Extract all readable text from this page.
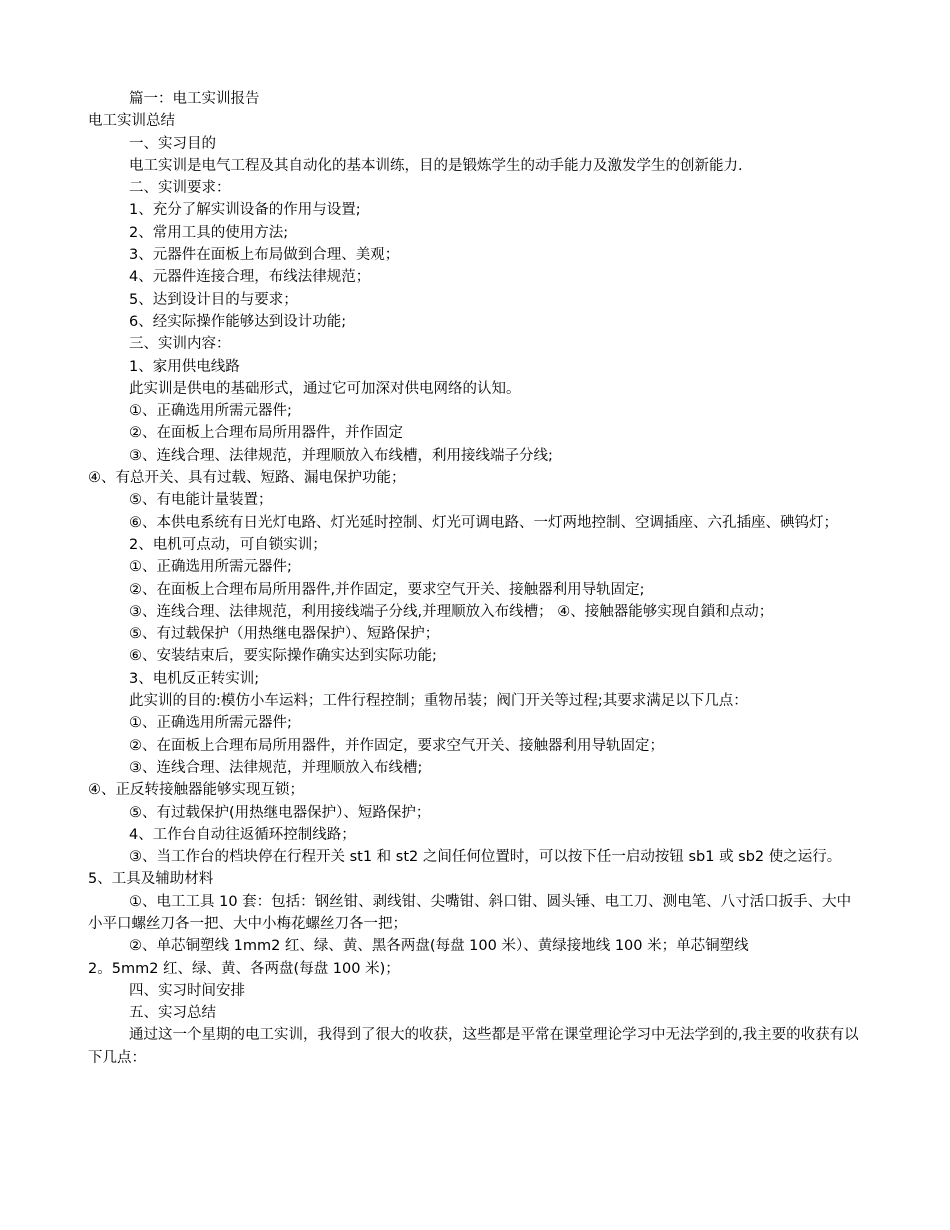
篇一：电工实训报告
电工实训总结
一、实习目的
电工实训是电气工程及其自动化的基本训练，目的是锻炼学生的动手能力及激发学生的创新能力.
二、实训要求：
1、充分了解实训设备的作用与设置;
2、常用工具的使用方法;
3、元器件在面板上布局做到合理、美观；
4、元器件连接合理，布线法律规范；
5、达到设计目的与要求；
6、经实际操作能够达到设计功能;
三、实训内容：
1、家用供电线路
此实训是供电的基础形式，通过它可加深对供电网络的认知。
①、正确选用所需元器件;
②、在面板上合理布局所用器件，并作固定
③、连线合理、法律规范，并理顺放入布线槽，利用接线端子分线;
④、有总开关、具有过载、短路、漏电保护功能；
⑤、有电能计量装置；
⑥、本供电系统有日光灯电路、灯光延时控制、灯光可调电路、一灯两地控制、空调插座、六孔插座、碘钨灯；
2、电机可点动，可自锁实训；
①、正确选用所需元器件;
②、在面板上合理布局所用器件,并作固定，要求空气开关、接触器利用导轨固定;
③、连线合理、法律规范，利用接线端子分线,并理顺放入布线槽； ④、接触器能够实现自鎖和点动；
⑤、有过载保护（用热继电器保护）、短路保护；
⑥、安装结束后，要实际操作确实达到实际功能;
3、电机反正转实训;
此实训的目的:模仿小车运料；工件行程控制；重物吊装；阀门开关等过程;其要求满足以下几点：
①、正确选用所需元器件;
②、在面板上合理布局所用器件，并作固定，要求空气开关、接触器利用导轨固定；
③、连线合理、法律规范，并理顺放入布线槽;
④、正反转接触器能够实现互锁；
⑤、有过载保护(用热继电器保护）、短路保护；
4、工作台自动往返循环控制线路；
③、当工作台的档块停在行程开关 st1 和 st2 之间任何位置时，可以按下任一启动按钮 sb1 或 sb2 使之运行。
5、工具及辅助材料
①、电工工具 10 套：包括：钢丝钳、剥线钳、尖嘴钳、斜口钳、圆头锤、电工刀、测电笔、八寸活口扳手、大中小平口螺丝刀各一把、大中小梅花螺丝刀各一把；
②、单芯铜塑线 1mm2 红、绿、黄、黑各两盘(每盘 100 米）、黄绿接地线 100 米；单芯铜塑线
2。5mm2 红、绿、黄、各两盘(每盘 100 米)；
四、实习时间安排
五、实习总结
通过这一个星期的电工实训，我得到了很大的收获，这些都是平常在课堂理论学习中无法学到的,我主要的收获有以下几点：
